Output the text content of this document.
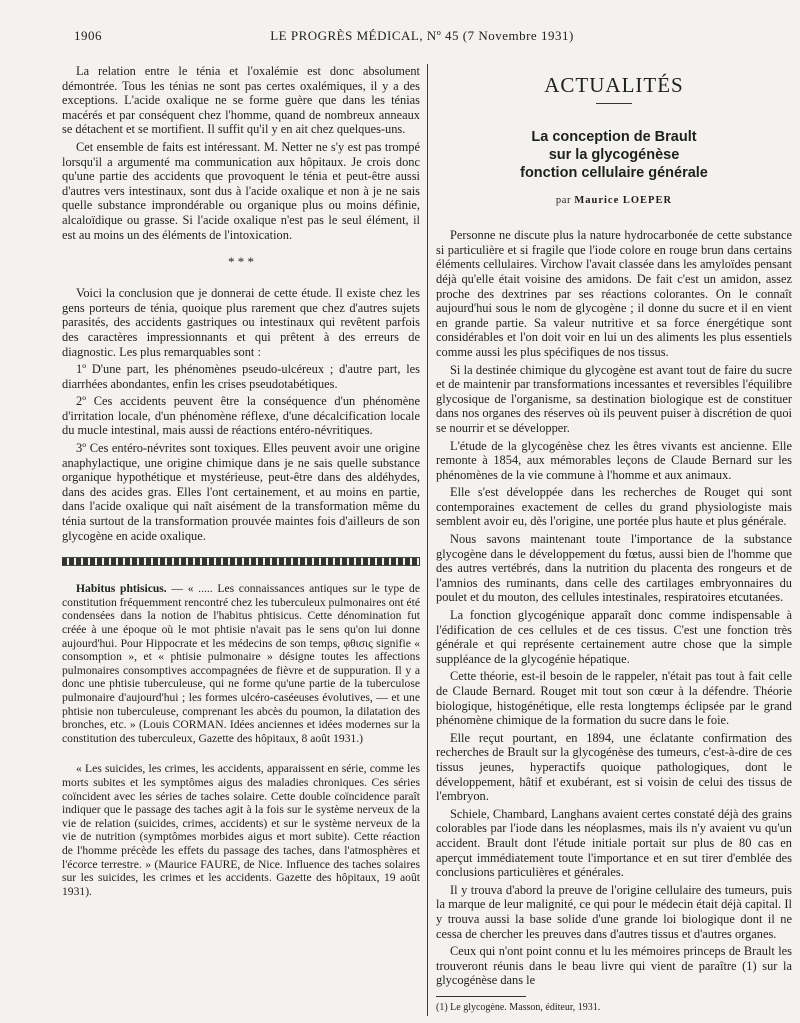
1906	LE PROGRÈS MÉDICAL, Nº 45 (7 Novembre 1931)

La relation entre le ténia et l'oxalémie est donc absolument démontrée. Tous les ténias ne sont pas certes oxalémiques, il y a des exceptions. L'acide oxalique ne se forme guère que dans les ténias macérés et par conséquent chez l'homme, quand de nombreux anneaux se détachent et se mortifient. Il suffit qu'il y en ait chez quelques-uns.

Cet ensemble de faits est intéressant. M. Netter ne s'y est pas trompé lorsqu'il a argumenté ma communication aux hôpitaux. Je crois donc qu'une partie des accidents que provoquent le ténia et peut-être aussi d'autres vers intestinaux, sont dus à l'acide oxalique et non à je ne sais quelle substance improndérable ou organique plus ou moins définie, alcaloïdique ou grasse. Si l'acide oxalique n'est pas le seul élément, il est au moins un des éléments de l'intoxication.

* * *

Voici la conclusion que je donnerai de cette étude. Il existe chez les gens porteurs de ténia, quoique plus rarement que chez d'autres sujets parasités, des accidents gastriques ou intestinaux qui revêtent parfois des caractères impressionnants et qui prêtent à des erreurs de diagnostic. Les plus remarquables sont :

1º D'une part, les phénomènes pseudo-ulcéreux ; d'autre part, les diarrhées abondantes, enfin les crises pseudotabétiques.

2º Ces accidents peuvent être la conséquence d'un phénomène d'irritation locale, d'un phénomène réflexe, d'une décalcification locale du mucle intestinal, mais aussi de réactions entéro-névritiques.

3º Ces entéro-névrites sont toxiques. Elles peuvent avoir une origine anaphylactique, une origine chimique dans je ne sais quelle substance organique hypothétique et mystérieuse, peut-être dans des aldéhydes, dans des acides gras. Elles l'ont certainement, et au moins en partie, dans l'acide oxalique qui naît aisément de la transformation même du ténia surtout de la transformation prouvée maintes fois d'ailleurs de son glycogène en acide oxalique.

Habitus phtisicus. — « ..... Les connaissances antiques sur le type de constitution fréquemment rencontré chez les tuberculeux pulmonaires ont été condensées dans la notion de l'habitus phtisicus. Cette dénomination fut créée à une époque où le mot phtisie n'avait pas le sens qu'on lui donne aujourd'hui. Pour Hippocrate et les médecins de son temps, φθισις signifie « consomption », et « phtisie pulmonaire » désigne toutes les affections pulmonaires consomptives accompagnées de fièvre et de suppuration. Il y a donc une phtisie tuberculeuse, qui ne forme qu'une partie de la tuberculose pulmonaire d'aujourd'hui ; les formes ulcéro-caséeuses évolutives, — et une phtisie non tuberculeuse, comprenant les abcès du poumon, la dilatation des bronches, etc. » (Louis CORMAN. Idées anciennes et idées modernes sur la constitution des tuberculeux, Gazette des hôpitaux, 8 août 1931.)

« Les suicides, les crimes, les accidents, apparaissent en série, comme les morts subites et les symptômes aigus des maladies chroniques. Ces séries coïncident avec les séries de taches solaire. Cette double coïncidence paraît indiquer que le passage des taches agit à la fois sur le système nerveux de la vie de relation (suicides, crimes, accidents) et sur le système nerveux de la vie de nutrition (symptômes morbides aigus et mort subite). Cette réaction de l'homme précède les effets du passage des taches, dans l'atmosphères et l'écorce terrestre. » (Maurice FAURE, de Nice. Influence des taches solaires sur les suicides, les crimes et les accidents. Gazette des hôpitaux, 19 août 1931).

ACTUALITÉS
La conception de Brault
sur la glycogénèse
fonction cellulaire générale
par Maurice LOEPER

Personne ne discute plus la nature hydrocarbonée de cette substance si particulière et si fragile que l'iode colore en rouge brun dans certains éléments cellulaires. Virchow l'avait classée dans les amyloïdes pensant déjà qu'elle était voisine des amidons. De fait c'est un amidon, assez proche des dextrines par ses réactions colorantes. On le connaît aujourd'hui sous le nom de glycogène ; il donne du sucre et il en vient en grande partie. Sa valeur nutritive et sa force énergétique sont considérables et l'on doit voir en lui un des aliments les plus essentiels comme aussi les plus spécifiques de nos tissus.

Si la destinée chimique du glycogène est avant tout de faire du sucre et de maintenir par transformations incessantes et reversibles l'équilibre glycosique de l'organisme, sa destination biologique est de constituer dans nos organes des réserves où ils peuvent puiser à discrétion de quoi se nourrir et se développer.

L'étude de la glycogénèse chez les êtres vivants est ancienne. Elle remonte à 1854, aux mémorables leçons de Claude Bernard sur les phénomènes de la vie commune à l'homme et aux animaux.

Elle s'est développée dans les recherches de Rouget qui sont contemporaines exactement de celles du grand physiologiste mais semblent avoir eu, dès l'origine, une portée plus haute et plus générale.

Nous savons maintenant toute l'importance de la substance glycogène dans le développement du fœtus, aussi bien de l'homme que des autres vertébrés, dans la nutrition du placenta des rongeurs et de l'amnios des ruminants, dans celle des cartilages embryonnaires du poulet et du mouton, des cellules intestinales, respiratoires etcutanées.

La fonction glycogénique apparaît donc comme indispensable à l'édification de ces cellules et de ces tissus. C'est une fonction très générale et qui représente certainement autre chose que la simple suppléance de la glycogénie hépatique.

Cette théorie, est-il besoin de le rappeler, n'était pas tout à fait celle de Claude Bernard. Rouget mit tout son cœur à la défendre. Théorie biologique, histogénétique, elle resta longtemps éclipsée par le grand phénomène chimique de la formation du sucre dans le foie.

Elle reçut pourtant, en 1894, une éclatante confirmation des recherches de Brault sur la glycogénèse des tumeurs, c'est-à-dire de ces tissus jeunes, hyperactifs quoique pathologiques, dont le développement, hâtif et exubérant, est si voisin de celui des tissus de l'embryon.

Schiele, Chambard, Langhans avaient certes constaté déjà des grains colorables par l'iode dans les néoplasmes, mais ils n'y avaient vu qu'un accident. Brault dont l'étude initiale portait sur plus de 80 cas en aperçut immédiatement toute l'importance et en sut tirer d'emblée des conclusions particulières et générales.

Il y trouva d'abord la preuve de l'origine cellulaire des tumeurs, puis la marque de leur malignité, ce qui pour le médecin était déjà capital. Il y trouva aussi la base solide d'une grande loi biologique dont il ne cessa de chercher les preuves dans d'autres tissus et d'autres organes.

Ceux qui n'ont point connu et lu les mémoires princeps de Brault les trouveront réunis dans le beau livre qui vient de paraître (1) sur la glycogénèse dans le

(1) Le glycogène. Masson, éditeur, 1931.
